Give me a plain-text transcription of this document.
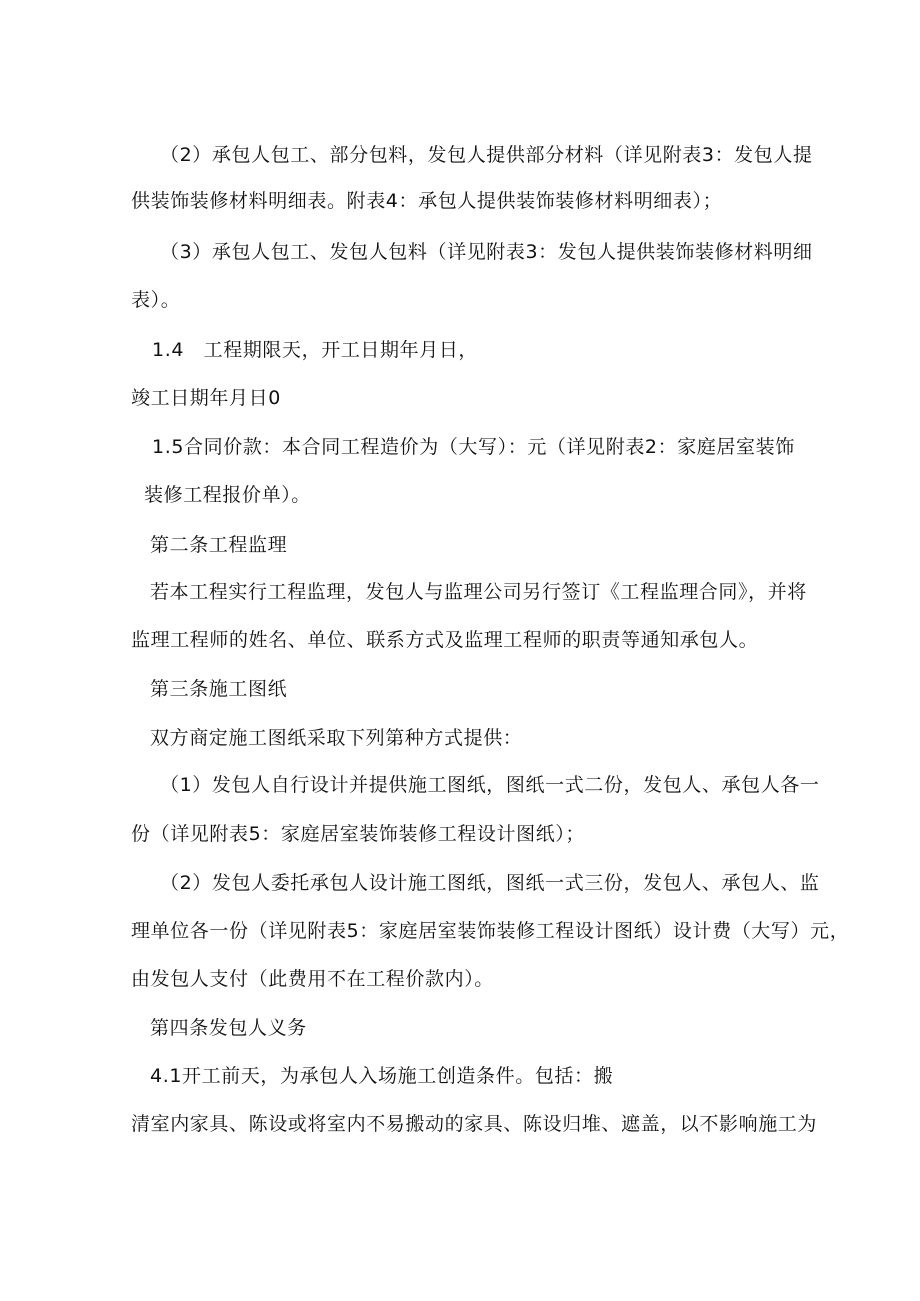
（2）承包人包工、部分包料，发包人提供部分材料（详见附表3：发包人提
供装饰装修材料明细表。附表4：承包人提供装饰装修材料明细表）；
（3）承包人包工、发包人包料（详见附表3：发包人提供装饰装修材料明细
表）。
1.4　工程期限天，开工日期年月日，
竣工日期年月日0
1.5合同价款：本合同工程造价为（大写）：元（详见附表2：家庭居室装饰
装修工程报价单）。
第二条工程监理
若本工程实行工程监理，发包人与监理公司另行签订《工程监理合同》，并将
监理工程师的姓名、单位、联系方式及监理工程师的职责等通知承包人。
第三条施工图纸
双方商定施工图纸采取下列第种方式提供：
（1）发包人自行设计并提供施工图纸，图纸一式二份，发包人、承包人各一
份（详见附表5：家庭居室装饰装修工程设计图纸）；
（2）发包人委托承包人设计施工图纸，图纸一式三份，发包人、承包人、监
理单位各一份（详见附表5：家庭居室装饰装修工程设计图纸）设计费（大写）元，
由发包人支付（此费用不在工程价款内）。
第四条发包人义务
4.1开工前天，为承包人入场施工创造条件。包括：搬
清室内家具、陈设或将室内不易搬动的家具、陈设归堆、遮盖，以不影响施工为
